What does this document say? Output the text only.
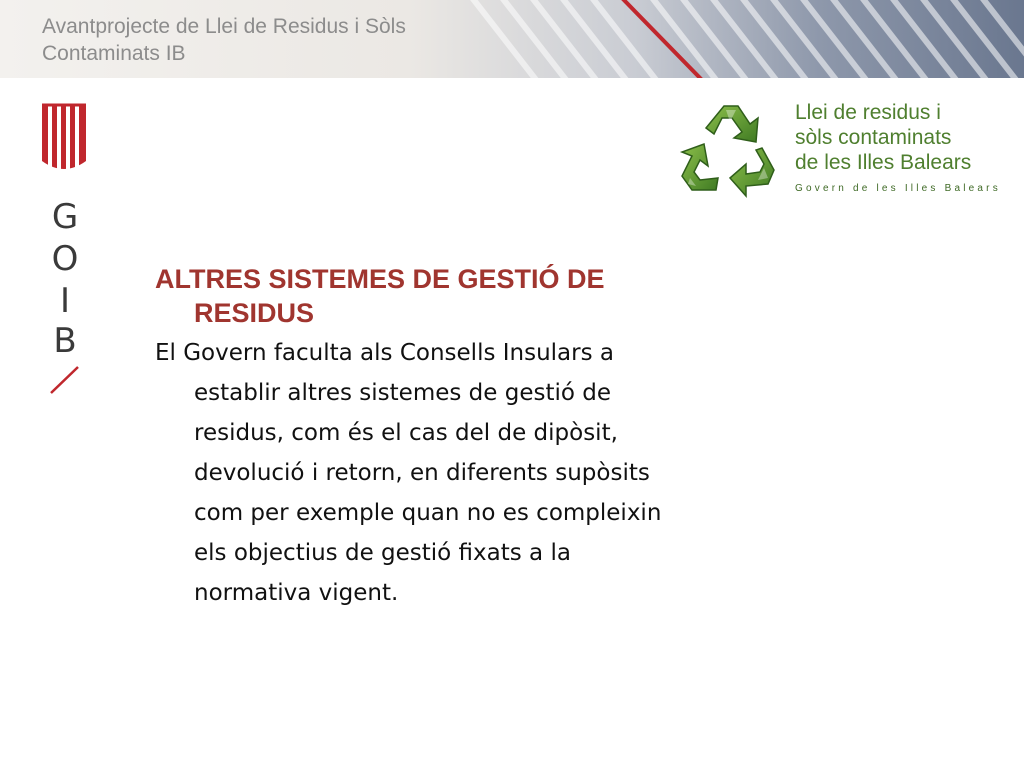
Avantprojecte de Llei de Residus i Sòls
Contaminats IB
G
O
I
B
Llei de residus i
sòls contaminats
de les Illes Balears
Govern de les Illes Balears
ALTRES SISTEMES DE GESTIÓ DE
RESIDUS
El Govern faculta als Consells Insulars a
establir altres sistemes de gestió de
residus, com és el cas del de dipòsit,
devolució i retorn, en diferents supòsits
com per exemple quan no es compleixin
els objectius de gestió fixats a la
normativa vigent.
